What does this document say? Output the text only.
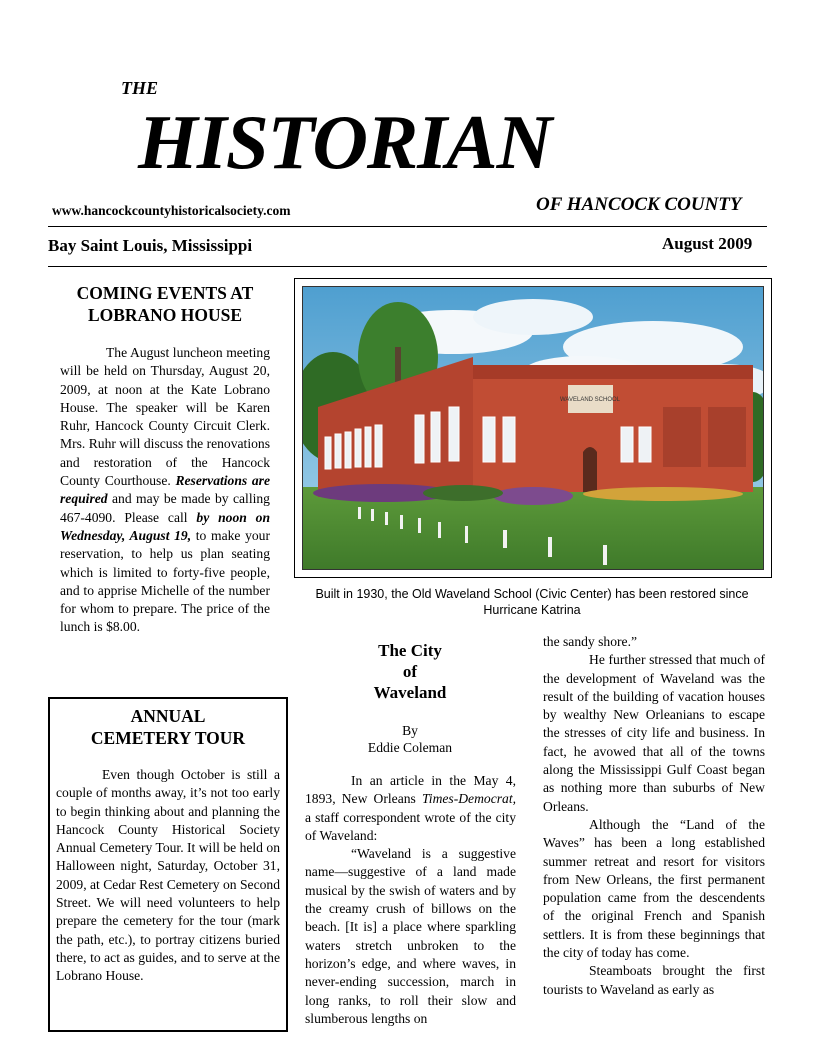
THE
HISTORIAN
www.hancockcountyhistoricalsociety.com	OF HANCOCK COUNTY
Bay Saint Louis, Mississippi	August 2009
COMING EVENTS AT LOBRANO HOUSE

The August luncheon meeting will be held on Thursday, August 20, 2009, at noon at the Kate Lobrano House. The speaker will be Karen Ruhr, Hancock County Circuit Clerk. Mrs. Ruhr will discuss the renovations and restoration of the Hancock County Courthouse. Reservations are required and may be made by calling 467-4090. Please call by noon on Wednesday, August 19, to make your reservation, to help us plan seating which is limited to forty-five people, and to apprise Michelle of the number for whom to prepare. The price of the lunch is $8.00.

ANNUAL CEMETERY TOUR

Even though October is still a couple of months away, it’s not too early to begin thinking about and planning the Hancock County Historical Society Annual Cemetery Tour. It will be held on Halloween night, Saturday, October 31, 2009, at Cedar Rest Cemetery on Second Street. We will need volunteers to help prepare the cemetery for the tour (mark the path, etc.), to portray citizens buried there, to act as guides, and to serve at the Lobrano House.

WAVELAND SCHOOL
Built in 1930, the Old Waveland School (Civic Center) has been restored since Hurricane Katrina
The City
of
Waveland
By
Eddie Coleman

In an article in the May 4, 1893, New Orleans Times-Democrat, a staff correspondent wrote of the city of Waveland:

“Waveland is a suggestive name—suggestive of a land made musical by the swish of waters and by the creamy crush of billows on the beach. [It is] a place where sparkling waters stretch unbroken to the horizon’s edge, and where waves, in never-ending succession, march in long ranks, to roll their slow and slumberous lengths on

the sandy shore.”

He further stressed that much of the development of Waveland was the result of the building of vacation houses by wealthy New Orleanians to escape the stresses of city life and business. In fact, he avowed that all of the towns along the Mississippi Gulf Coast began as nothing more than suburbs of New Orleans.

Although the “Land of the Waves” has been a long established summer retreat and resort for visitors from New Orleans, the first permanent population came from the descendents of the original French and Spanish settlers. It is from these beginnings that the city of today has come.

Steamboats brought the first tourists to Waveland as early as
